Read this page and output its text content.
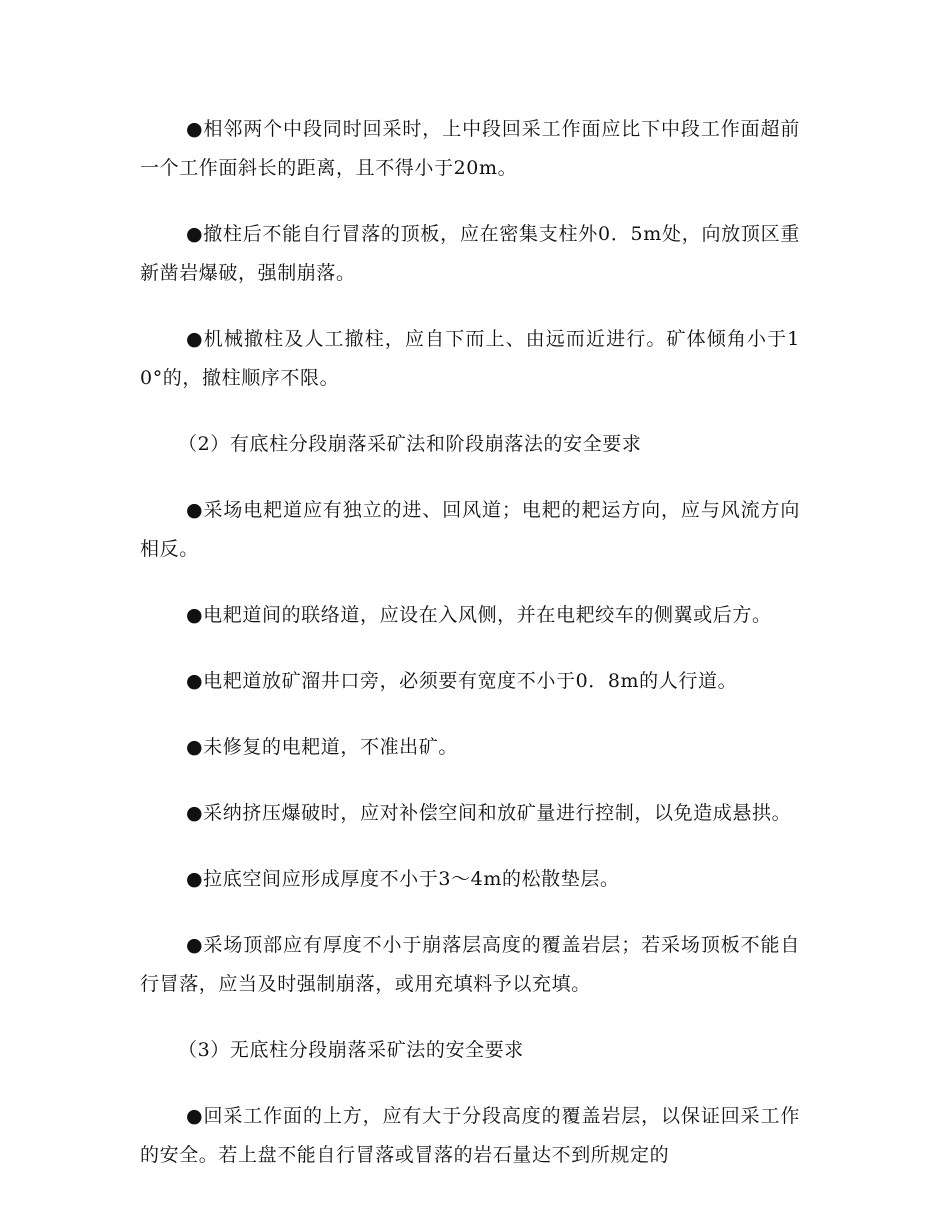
●相邻两个中段同时回采时，上中段回采工作面应比下中段工作面超前一个工作面斜长的距离，且不得小于20m。

●撤柱后不能自行冒落的顶板，应在密集支柱外0．5m处，向放顶区重新凿岩爆破，强制崩落。

●机械撤柱及人工撤柱，应自下而上、由远而近进行。矿体倾角小于10°的，撤柱顺序不限。

（2）有底柱分段崩落采矿法和阶段崩落法的安全要求

●采场电耙道应有独立的进、回风道；电耙的耙运方向，应与风流方向相反。

●电耙道间的联络道，应设在入风侧，并在电耙绞车的侧翼或后方。

●电耙道放矿溜井口旁，必须要有宽度不小于0．8m的人行道。

●未修复的电耙道，不准出矿。

●采纳挤压爆破时，应对补偿空间和放矿量进行控制，以免造成悬拱。

●拉底空间应形成厚度不小于3～4m的松散垫层。

●采场顶部应有厚度不小于崩落层高度的覆盖岩层；若采场顶板不能自行冒落，应当及时强制崩落，或用充填料予以充填。

（3）无底柱分段崩落采矿法的安全要求

●回采工作面的上方，应有大于分段高度的覆盖岩层，以保证回采工作的安全。若上盘不能自行冒落或冒落的岩石量达不到所规定的
